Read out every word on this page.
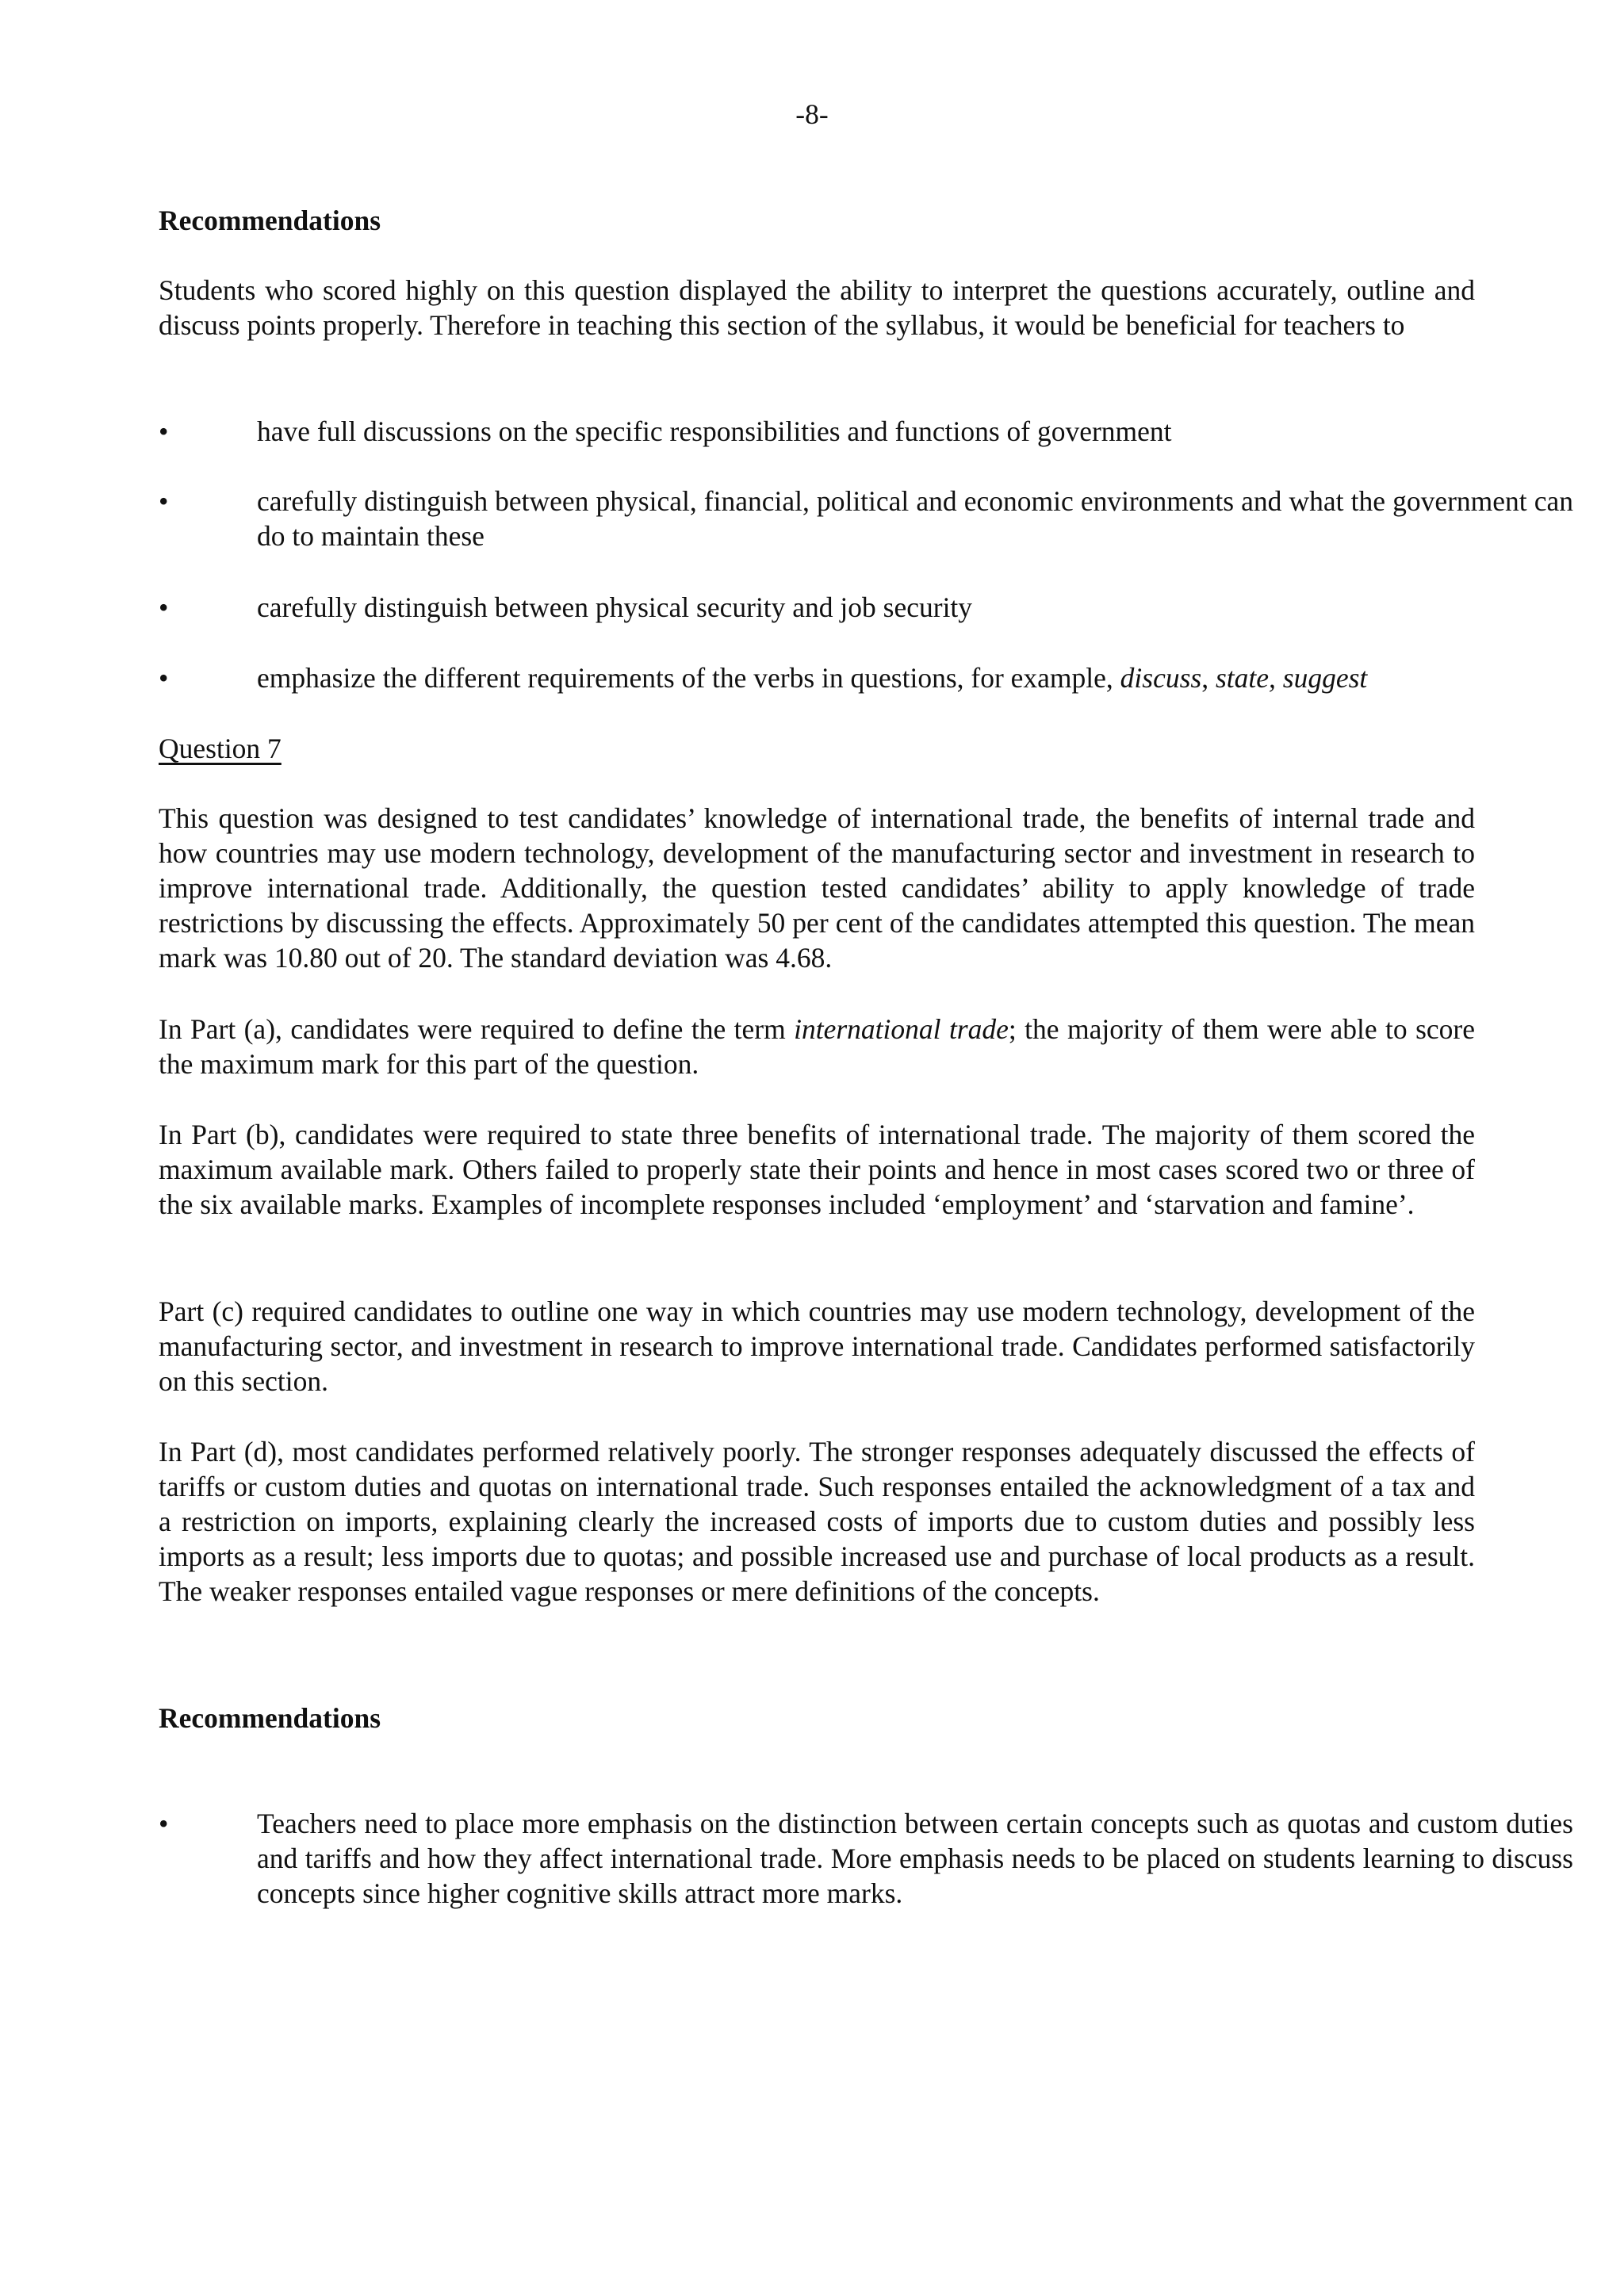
-8-

Recommendations

Students who scored highly on this question displayed the ability to interpret the questions accurately, outline and discuss points properly. Therefore in teaching this section of the syllabus, it would be beneficial for teachers to

•	have full discussions on the specific responsibilities and functions of government
•	carefully distinguish between physical, financial, political and economic environments and what the government can do to maintain these
•	carefully distinguish between physical security and job security
•	emphasize the different requirements of the verbs in questions, for example, discuss, state, suggest

Question 7

This question was designed to test candidates’ knowledge of international trade, the benefits of internal trade and how countries may use modern technology, development of the manufacturing sector and investment in research to improve international trade. Additionally, the question tested candidates’ ability to apply knowledge of trade restrictions by discussing the effects. Approximately 50 per cent of the candidates attempted this question. The mean mark was 10.80 out of 20. The standard deviation was 4.68.

In Part (a), candidates were required to define the term international trade; the majority of them were able to score the maximum mark for this part of the question.

In Part (b), candidates were required to state three benefits of international trade. The majority of them scored the maximum available mark. Others failed to properly state their points and hence in most cases scored two or three of the six available marks. Examples of incomplete responses included ‘employment’ and ‘starvation and famine’.

Part (c) required candidates to outline one way in which countries may use modern technology, development of the manufacturing sector, and investment in research to improve international trade. Candidates performed satisfactorily on this section.

In Part (d), most candidates performed relatively poorly. The stronger responses adequately discussed the effects of tariffs or custom duties and quotas on international trade. Such responses entailed the acknowledgment of a tax and a restriction on imports, explaining clearly the increased costs of imports due to custom duties and possibly less imports as a result; less imports due to quotas; and possible increased use and purchase of local products as a result. The weaker responses entailed vague responses or mere definitions of the concepts.

Recommendations

•	Teachers need to place more emphasis on the distinction between certain concepts such as quotas and custom duties and tariffs and how they affect international trade. More emphasis needs to be placed on students learning to discuss concepts since higher cognitive skills attract more marks.
